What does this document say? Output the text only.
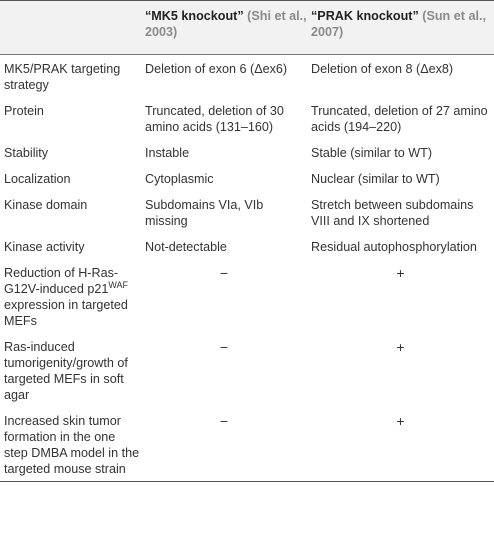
	“MK5 knockout” (Shi et al., 2003)	“PRAK knockout” (Sun et al., 2007)
MK5/PRAK targeting strategy	Deletion of exon 6 (Δex6)	Deletion of exon 8 (Δex8)
Protein	Truncated, deletion of 30 amino acids (131–160)	Truncated, deletion of 27 amino acids (194–220)
Stability	Instable	Stable (similar to WT)
Localization	Cytoplasmic	Nuclear (similar to WT)
Kinase domain	Subdomains VIa, VIb missing	Stretch between subdomains VIII and IX shortened
Kinase activity	Not-detectable	Residual autophosphorylation
Reduction of H-Ras-G12V-induced $p21^{WAF}$ expression in targeted MEFs	−	+
Ras-induced tumorigenity/growth of targeted MEFs in soft agar	−	+
Increased skin tumor formation in the one step DMBA model in the targeted mouse strain	−	+
